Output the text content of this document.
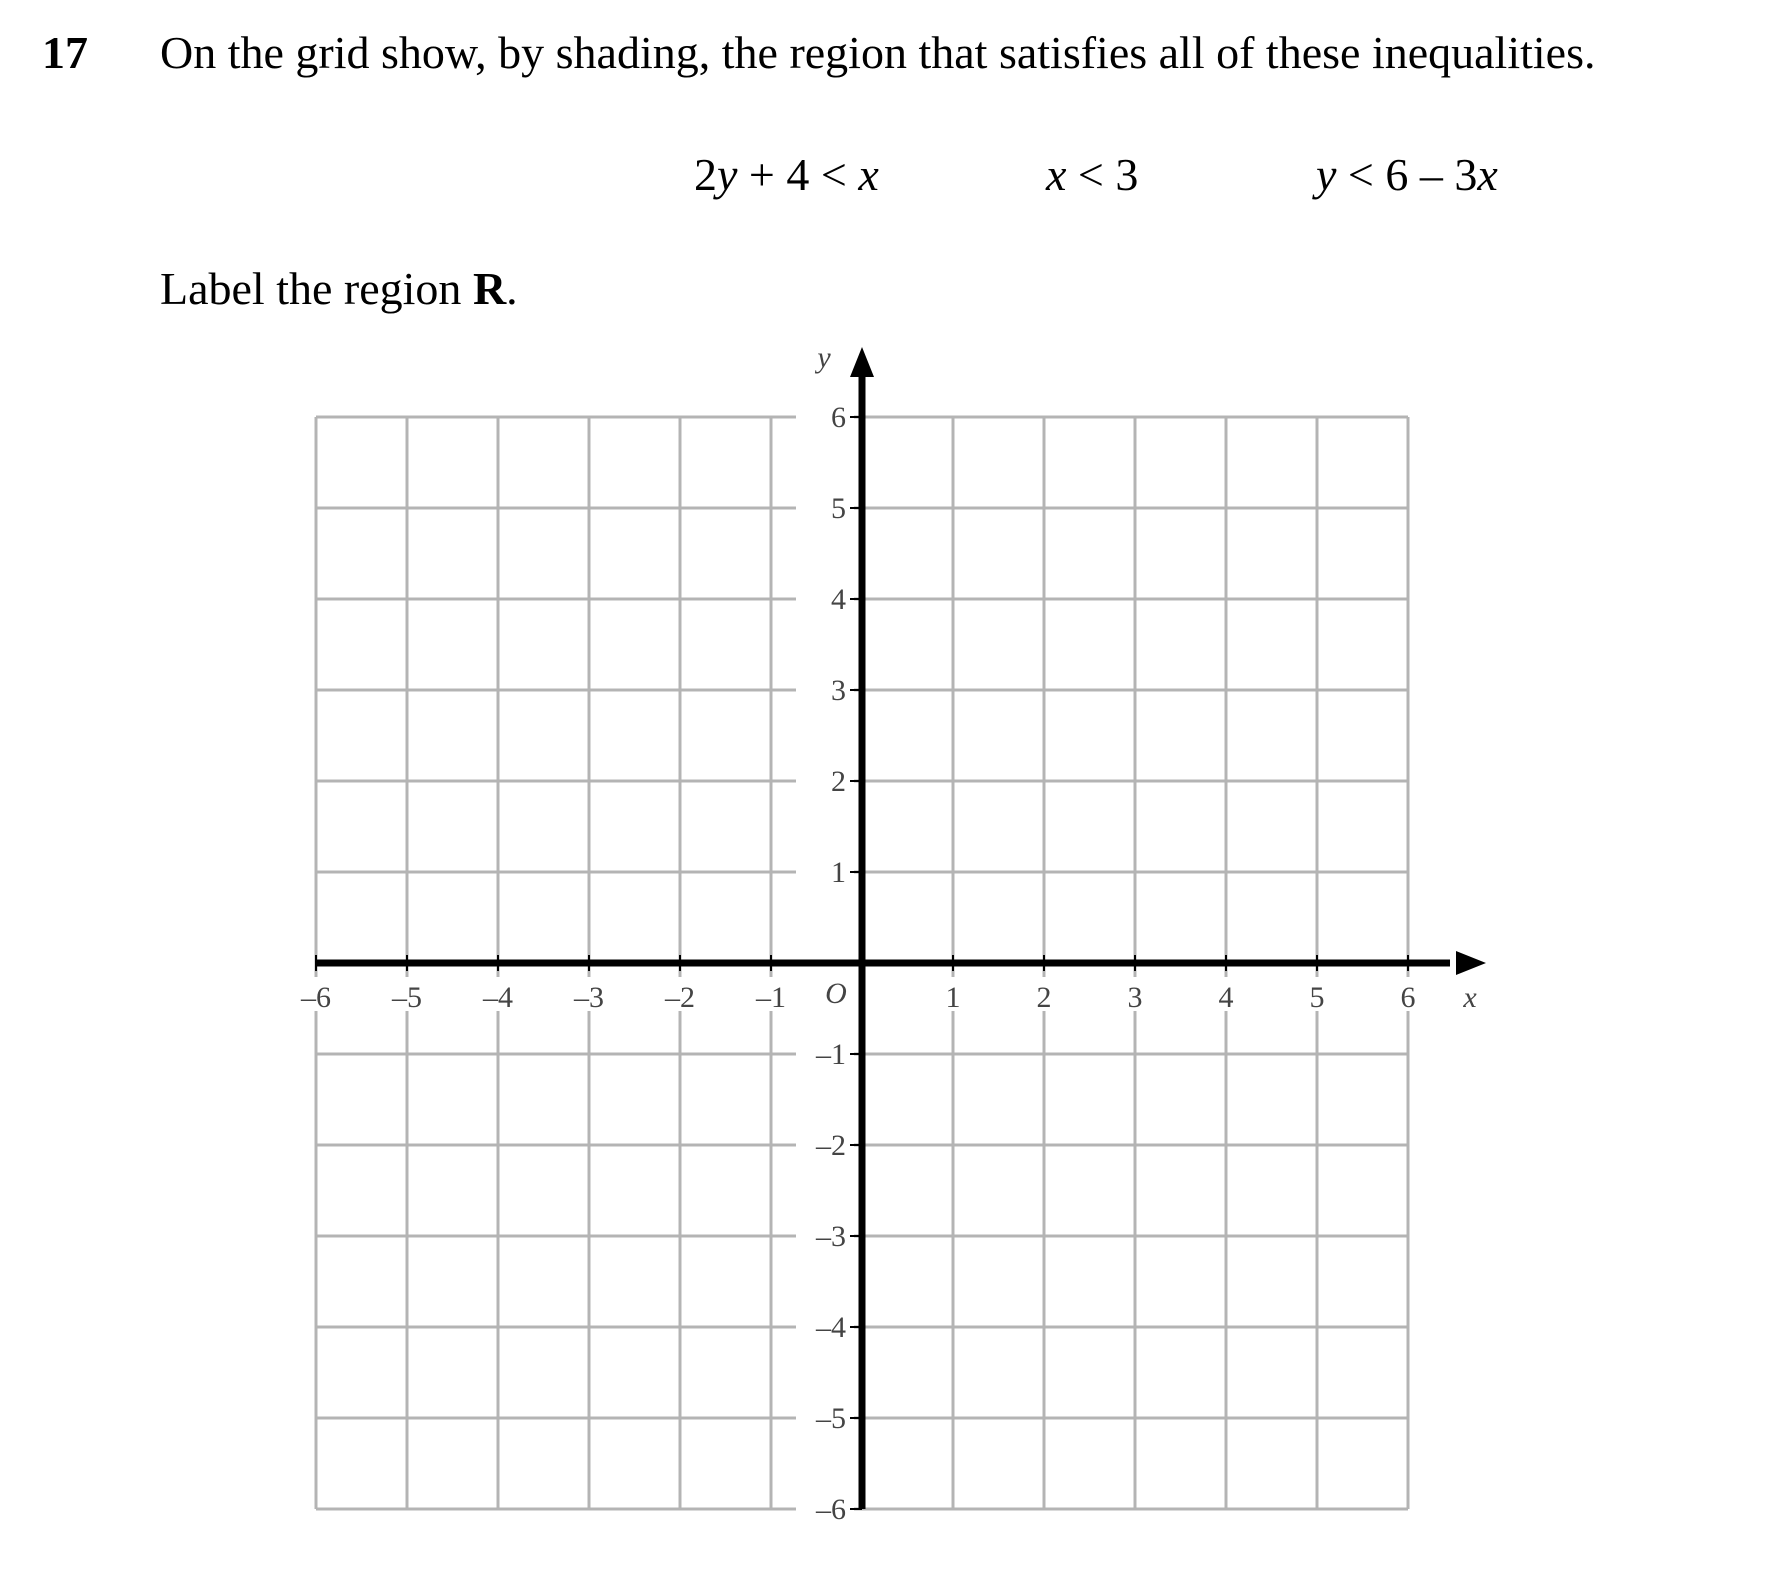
17 On the grid show, by shading, the region that satisfies all of these inequalities.
2y + 4 < x	x < 3	y < 6 – 3x
Label the region R.
–6 –5 –4 –3 –2 –1	1	2	3	4	5	6
6
5
4
3
2
1
–1
–2
–3
–4
–5
–6
O	x
y
